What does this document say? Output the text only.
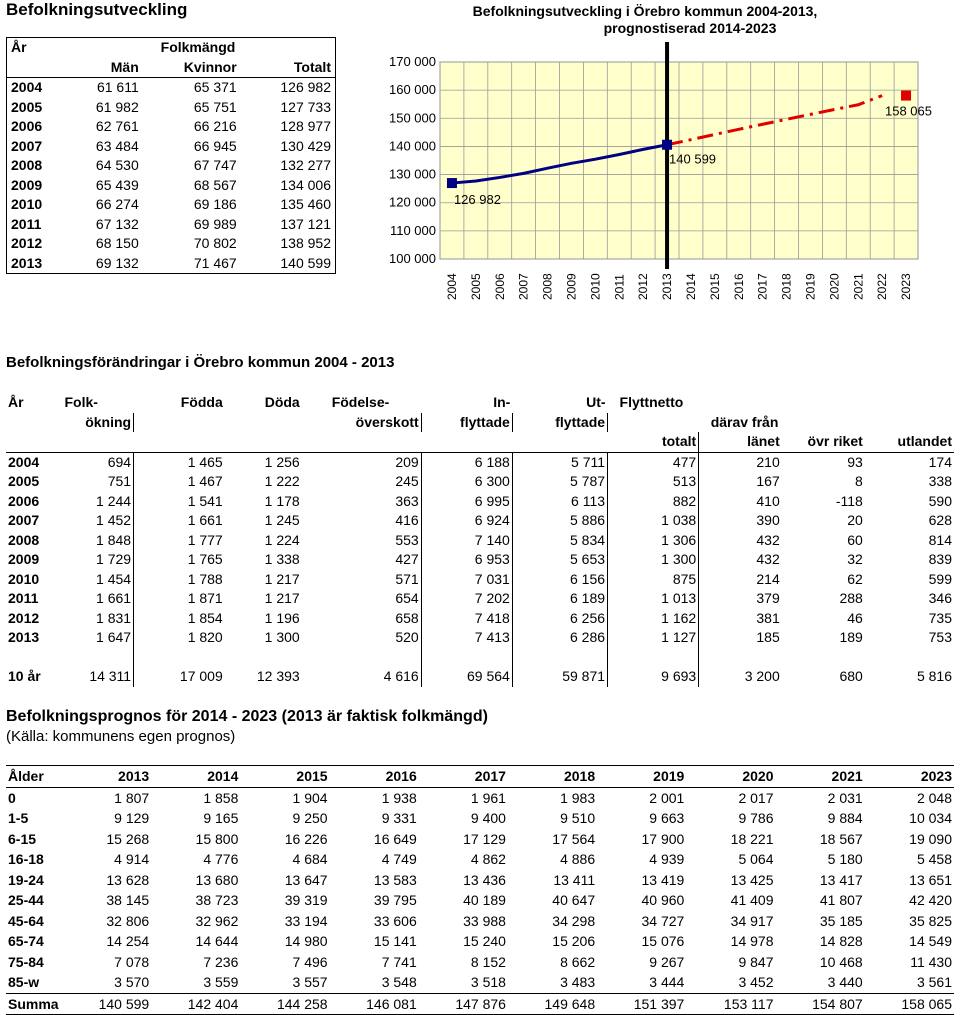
Befolkningsutveckling
År	Folkmängd		
	Män	Kvinnor	Totalt
2004	61 611	65 371	126 982
2005	61 982	65 751	127 733
2006	62 761	66 216	128 977
2007	63 484	66 945	130 429
2008	64 530	67 747	132 277
2009	65 439	68 567	134 006
2010	66 274	69 186	135 460
2011	67 132	69 989	137 121
2012	68 150	70 802	138 952
2013	69 132	71 467	140 599
Befolkningsutveckling i Örebro kommun 2004-2013,
prognostiserad 2014-2023
100 000
110 000
120 000
130 000
140 000
150 000
160 000
170 000
2004 2005 2006 2007 2008 2009 2010 2011 2012 2013 2014 2015 2016 2017 2018 2019 2020 2021 2022 2023
126 982
140 599
158 065
Befolkningsförändringar i Örebro kommun 2004 - 2013
År	Folk-	Födda	Döda	Födelse-	In-	Ut-	Flyttnetto			
	ökning			överskott	flyttade	flyttade		därav från		
							totalt	länet	övr riket	utlandet
2004	694	1 465	1 256	209	6 188	5 711	477	210	93	174
2005	751	1 467	1 222	245	6 300	5 787	513	167	8	338
2006	1 244	1 541	1 178	363	6 995	6 113	882	410	-118	590
2007	1 452	1 661	1 245	416	6 924	5 886	1 038	390	20	628
2008	1 848	1 777	1 224	553	7 140	5 834	1 306	432	60	814
2009	1 729	1 765	1 338	427	6 953	5 653	1 300	432	32	839
2010	1 454	1 788	1 217	571	7 031	6 156	875	214	62	599
2011	1 661	1 871	1 217	654	7 202	6 189	1 013	379	288	346
2012	1 831	1 854	1 196	658	7 418	6 256	1 162	381	46	735
2013	1 647	1 820	1 300	520	7 413	6 286	1 127	185	189	753

10 år	14 311	17 009	12 393	4 616	69 564	59 871	9 693	3 200	680	5 816
Befolkningsprognos för 2014 - 2023 (2013 är faktisk folkmängd)
(Källa: kommunens egen prognos)
Ålder	2013	2014	2015	2016	2017	2018	2019	2020	2021	2023
0	1 807	1 858	1 904	1 938	1 961	1 983	2 001	2 017	2 031	2 048
1-5	9 129	9 165	9 250	9 331	9 400	9 510	9 663	9 786	9 884	10 034
6-15	15 268	15 800	16 226	16 649	17 129	17 564	17 900	18 221	18 567	19 090
16-18	4 914	4 776	4 684	4 749	4 862	4 886	4 939	5 064	5 180	5 458
19-24	13 628	13 680	13 647	13 583	13 436	13 411	13 419	13 425	13 417	13 651
25-44	38 145	38 723	39 319	39 795	40 189	40 647	40 960	41 409	41 807	42 420
45-64	32 806	32 962	33 194	33 606	33 988	34 298	34 727	34 917	35 185	35 825
65-74	14 254	14 644	14 980	15 141	15 240	15 206	15 076	14 978	14 828	14 549
75-84	7 078	7 236	7 496	7 741	8 152	8 662	9 267	9 847	10 468	11 430
85-w	3 570	3 559	3 557	3 548	3 518	3 483	3 444	3 452	3 440	3 561
Summa	140 599	142 404	144 258	146 081	147 876	149 648	151 397	153 117	154 807	158 065
